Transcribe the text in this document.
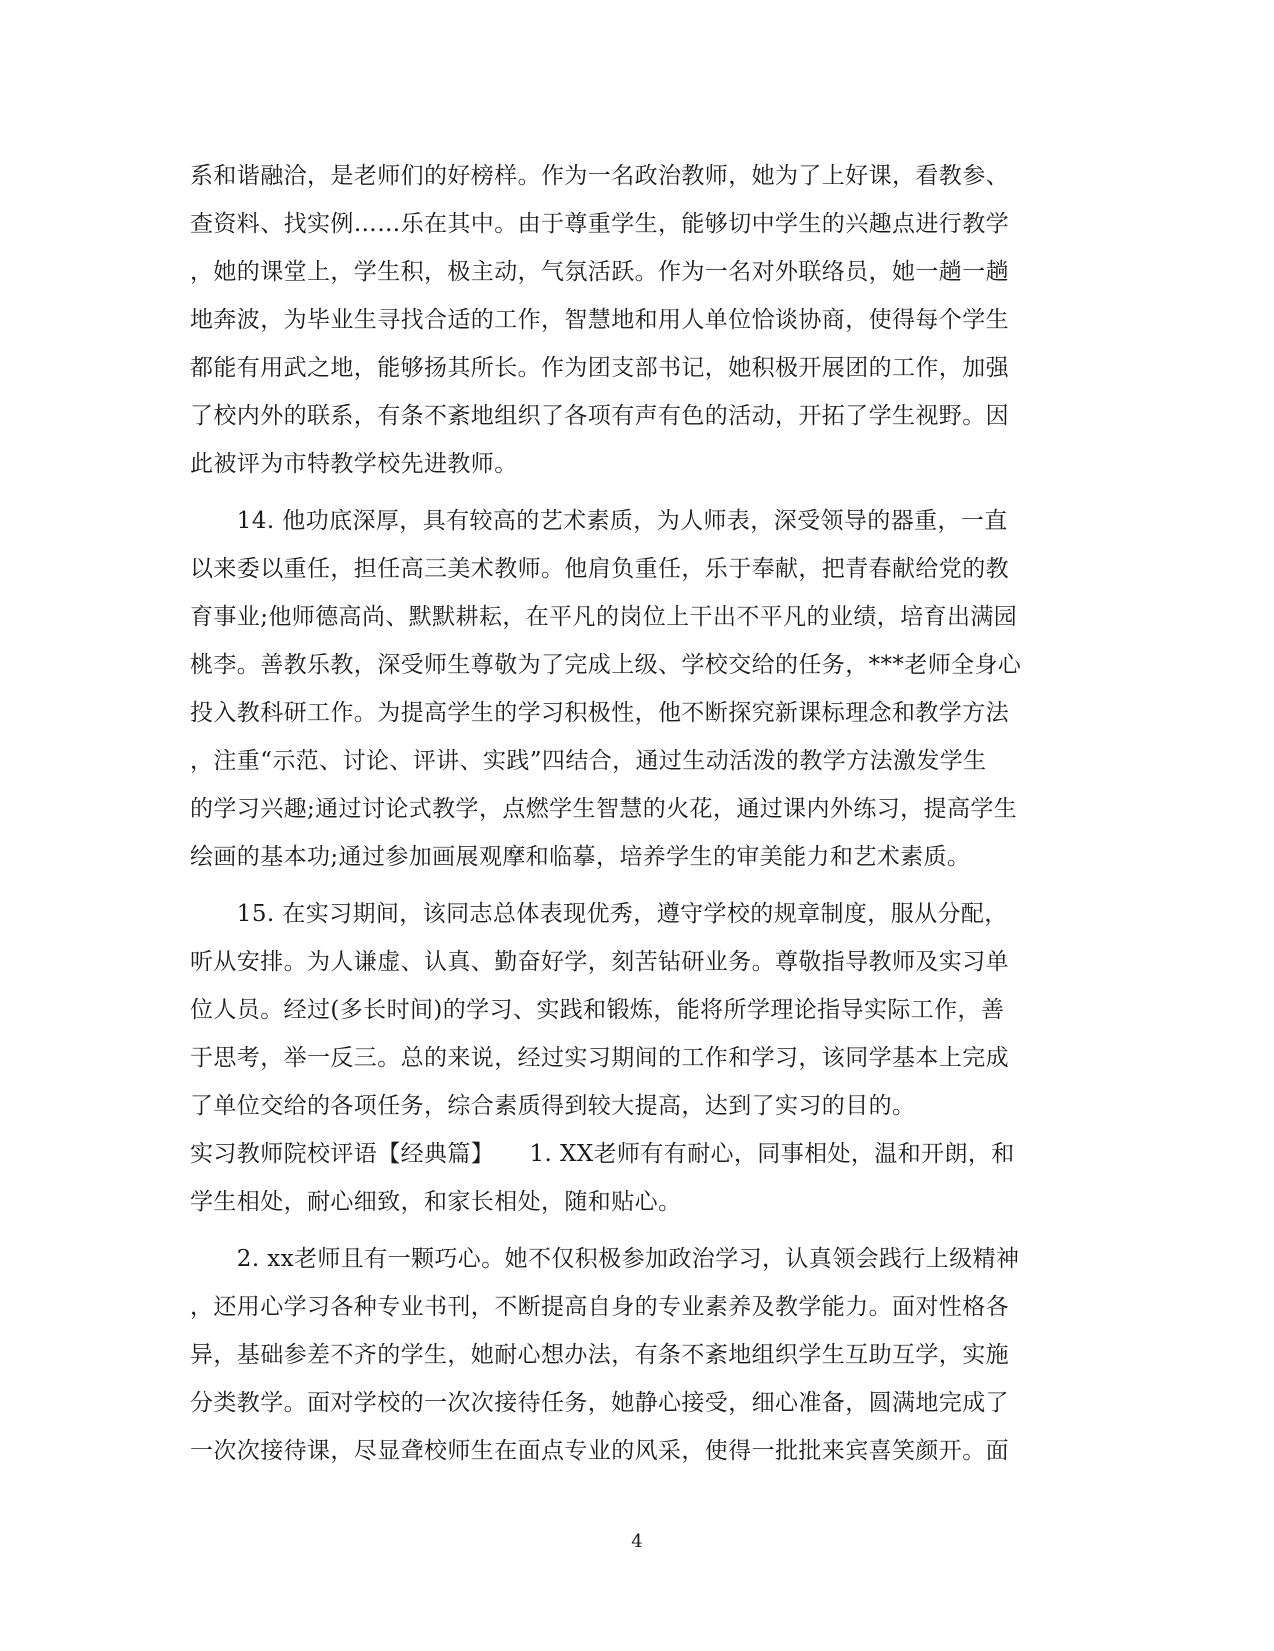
系和谐融洽，是老师们的好榜样。作为一名政治教师，她为了上好课，看教参、
查资料、找实例……乐在其中。由于尊重学生，能够切中学生的兴趣点进行教学
，她的课堂上，学生积，极主动，气氛活跃。作为一名对外联络员，她一趟一趟
地奔波，为毕业生寻找合适的工作，智慧地和用人单位恰谈协商，使得每个学生
都能有用武之地，能够扬其所长。作为团支部书记，她积极开展团的工作，加强
了校内外的联系，有条不紊地组织了各项有声有色的活动，开拓了学生视野。因
此被评为市特教学校先进教师。
　　14. 他功底深厚，具有较高的艺术素质，为人师表，深受领导的器重，一直
以来委以重任，担任高三美术教师。他肩负重任，乐于奉献，把青春献给党的教
育事业;他师德高尚、默默耕耘，在平凡的岗位上干出不平凡的业绩，培育出满园
桃李。善教乐教，深受师生尊敬为了完成上级、学校交给的任务，***老师全身心
投入教科研工作。为提高学生的学习积极性，他不断探究新课标理念和教学方法
，注重“示范、讨论、评讲、实践”四结合，通过生动活泼的教学方法激发学生
的学习兴趣;通过讨论式教学，点燃学生智慧的火花，通过课内外练习，提高学生
绘画的基本功;通过参加画展观摩和临摹，培养学生的审美能力和艺术素质。
　　15. 在实习期间，该同志总体表现优秀，遵守学校的规章制度，服从分配，
听从安排。为人谦虚、认真、勤奋好学，刻苦钻研业务。尊敬指导教师及实习单
位人员。经过(多长时间)的学习、实践和锻炼，能将所学理论指导实际工作，善
于思考，举一反三。总的来说，经过实习期间的工作和学习，该同学基本上完成
了单位交给的各项任务，综合素质得到较大提高，达到了实习的目的。
实习教师院校评语【经典篇】　　1. XX老师有有耐心，同事相处，温和开朗，和
学生相处，耐心细致，和家长相处，随和贴心。
　　2. xx老师且有一颗巧心。她不仅积极参加政治学习，认真领会践行上级精神
，还用心学习各种专业书刊，不断提高自身的专业素养及教学能力。面对性格各
异，基础参差不齐的学生，她耐心想办法，有条不紊地组织学生互助互学，实施
分类教学。面对学校的一次次接待任务，她静心接受，细心准备，圆满地完成了
一次次接待课，尽显聋校师生在面点专业的风采，使得一批批来宾喜笑颜开。面
4
